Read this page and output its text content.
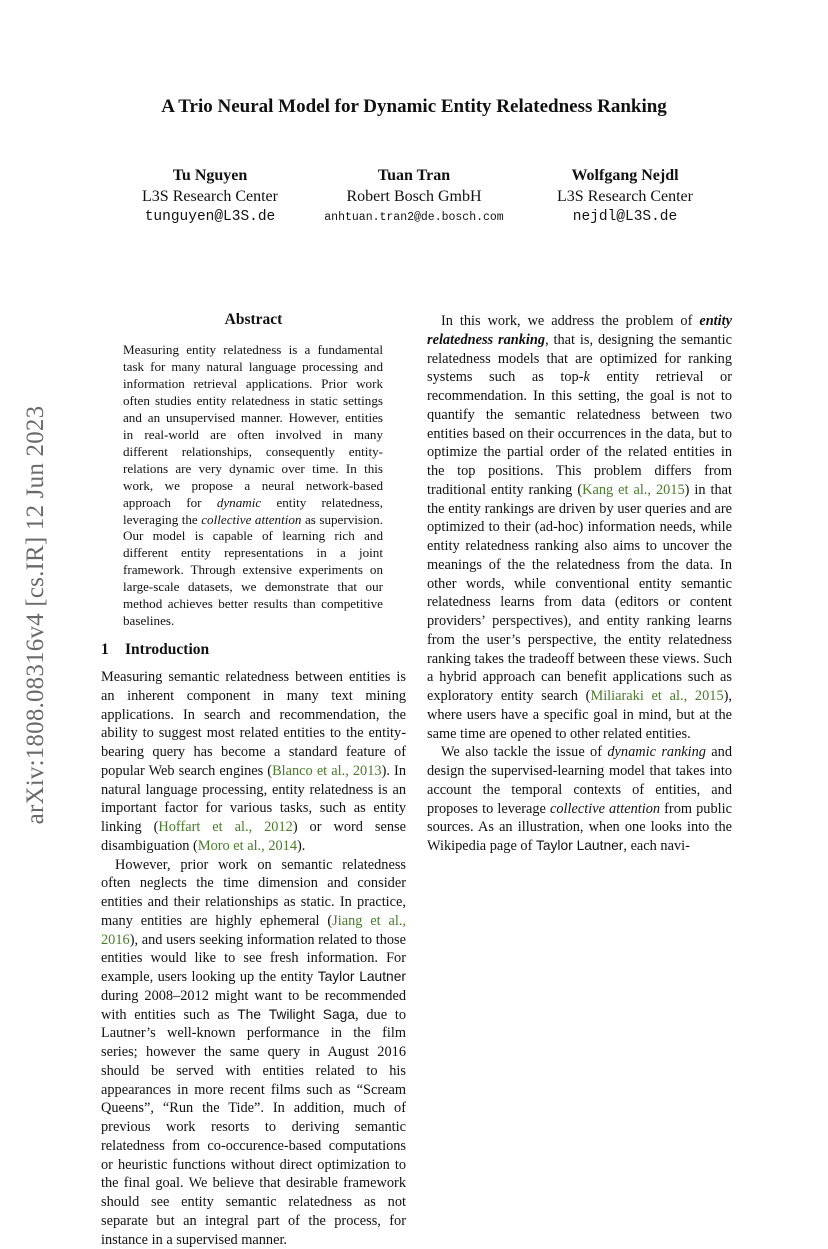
A Trio Neural Model for Dynamic Entity Relatedness Ranking
Tu Nguyen
L3S Research Center
tunguyen@L3S.de
Tuan Tran
Robert Bosch GmbH
anhtuan.tran2@de.bosch.com
Wolfgang Nejdl
L3S Research Center
nejdl@L3S.de
arXiv:1808.08316v4 [cs.IR] 12 Jun 2023
Abstract
Measuring entity relatedness is a fundamental task for many natural language processing and information retrieval applications. Prior work often studies entity relatedness in static settings and an unsupervised manner. However, entities in real-world are often involved in many different relationships, consequently entity-relations are very dynamic over time. In this work, we propose a neural network-based approach for dynamic entity relatedness, leveraging the collective attention as supervision. Our model is capable of learning rich and different entity representations in a joint framework. Through extensive experiments on large-scale datasets, we demonstrate that our method achieves better results than competitive baselines.
1 Introduction

Measuring semantic relatedness between entities is an inherent component in many text mining applications. In search and recommendation, the ability to suggest most related entities to the entity-bearing query has become a standard feature of popular Web search engines (Blanco et al., 2013). In natural language processing, entity relatedness is an important factor for various tasks, such as entity linking (Hoffart et al., 2012) or word sense disambiguation (Moro et al., 2014).

However, prior work on semantic relatedness often neglects the time dimension and consider entities and their relationships as static. In practice, many entities are highly ephemeral (Jiang et al., 2016), and users seeking information related to those entities would like to see fresh information. For example, users looking up the entity Taylor Lautner during 2008–2012 might want to be recommended with entities such as The Twilight Saga, due to Lautner’s well-known performance in the film series; however the same query in August 2016 should be served with entities related to his appearances in more recent films such as “Scream Queens”, “Run the Tide”. In addition, much of previous work resorts to deriving semantic relatedness from co-occurence-based computations or heuristic functions without direct optimization to the final goal. We believe that desirable framework should see entity semantic relatedness as not separate but an integral part of the process, for instance in a supervised manner.

In this work, we address the problem of entity relatedness ranking, that is, designing the semantic relatedness models that are optimized for ranking systems such as top-k entity retrieval or recommendation. In this setting, the goal is not to quantify the semantic relatedness between two entities based on their occurrences in the data, but to optimize the partial order of the related entities in the top positions. This problem differs from traditional entity ranking (Kang et al., 2015) in that the entity rankings are driven by user queries and are optimized to their (ad-hoc) information needs, while entity relatedness ranking also aims to uncover the meanings of the the relatedness from the data. In other words, while conventional entity semantic relatedness learns from data (editors or content providers’ perspectives), and entity ranking learns from the user’s perspective, the entity relatedness ranking takes the tradeoff between these views. Such a hybrid approach can benefit applications such as exploratory entity search (Miliaraki et al., 2015), where users have a specific goal in mind, but at the same time are opened to other related entities.

We also tackle the issue of dynamic ranking and design the supervised-learning model that takes into account the temporal contexts of entities, and proposes to leverage collective attention from public sources. As an illustration, when one looks into the Wikipedia page of Taylor Lautner, each navi-
